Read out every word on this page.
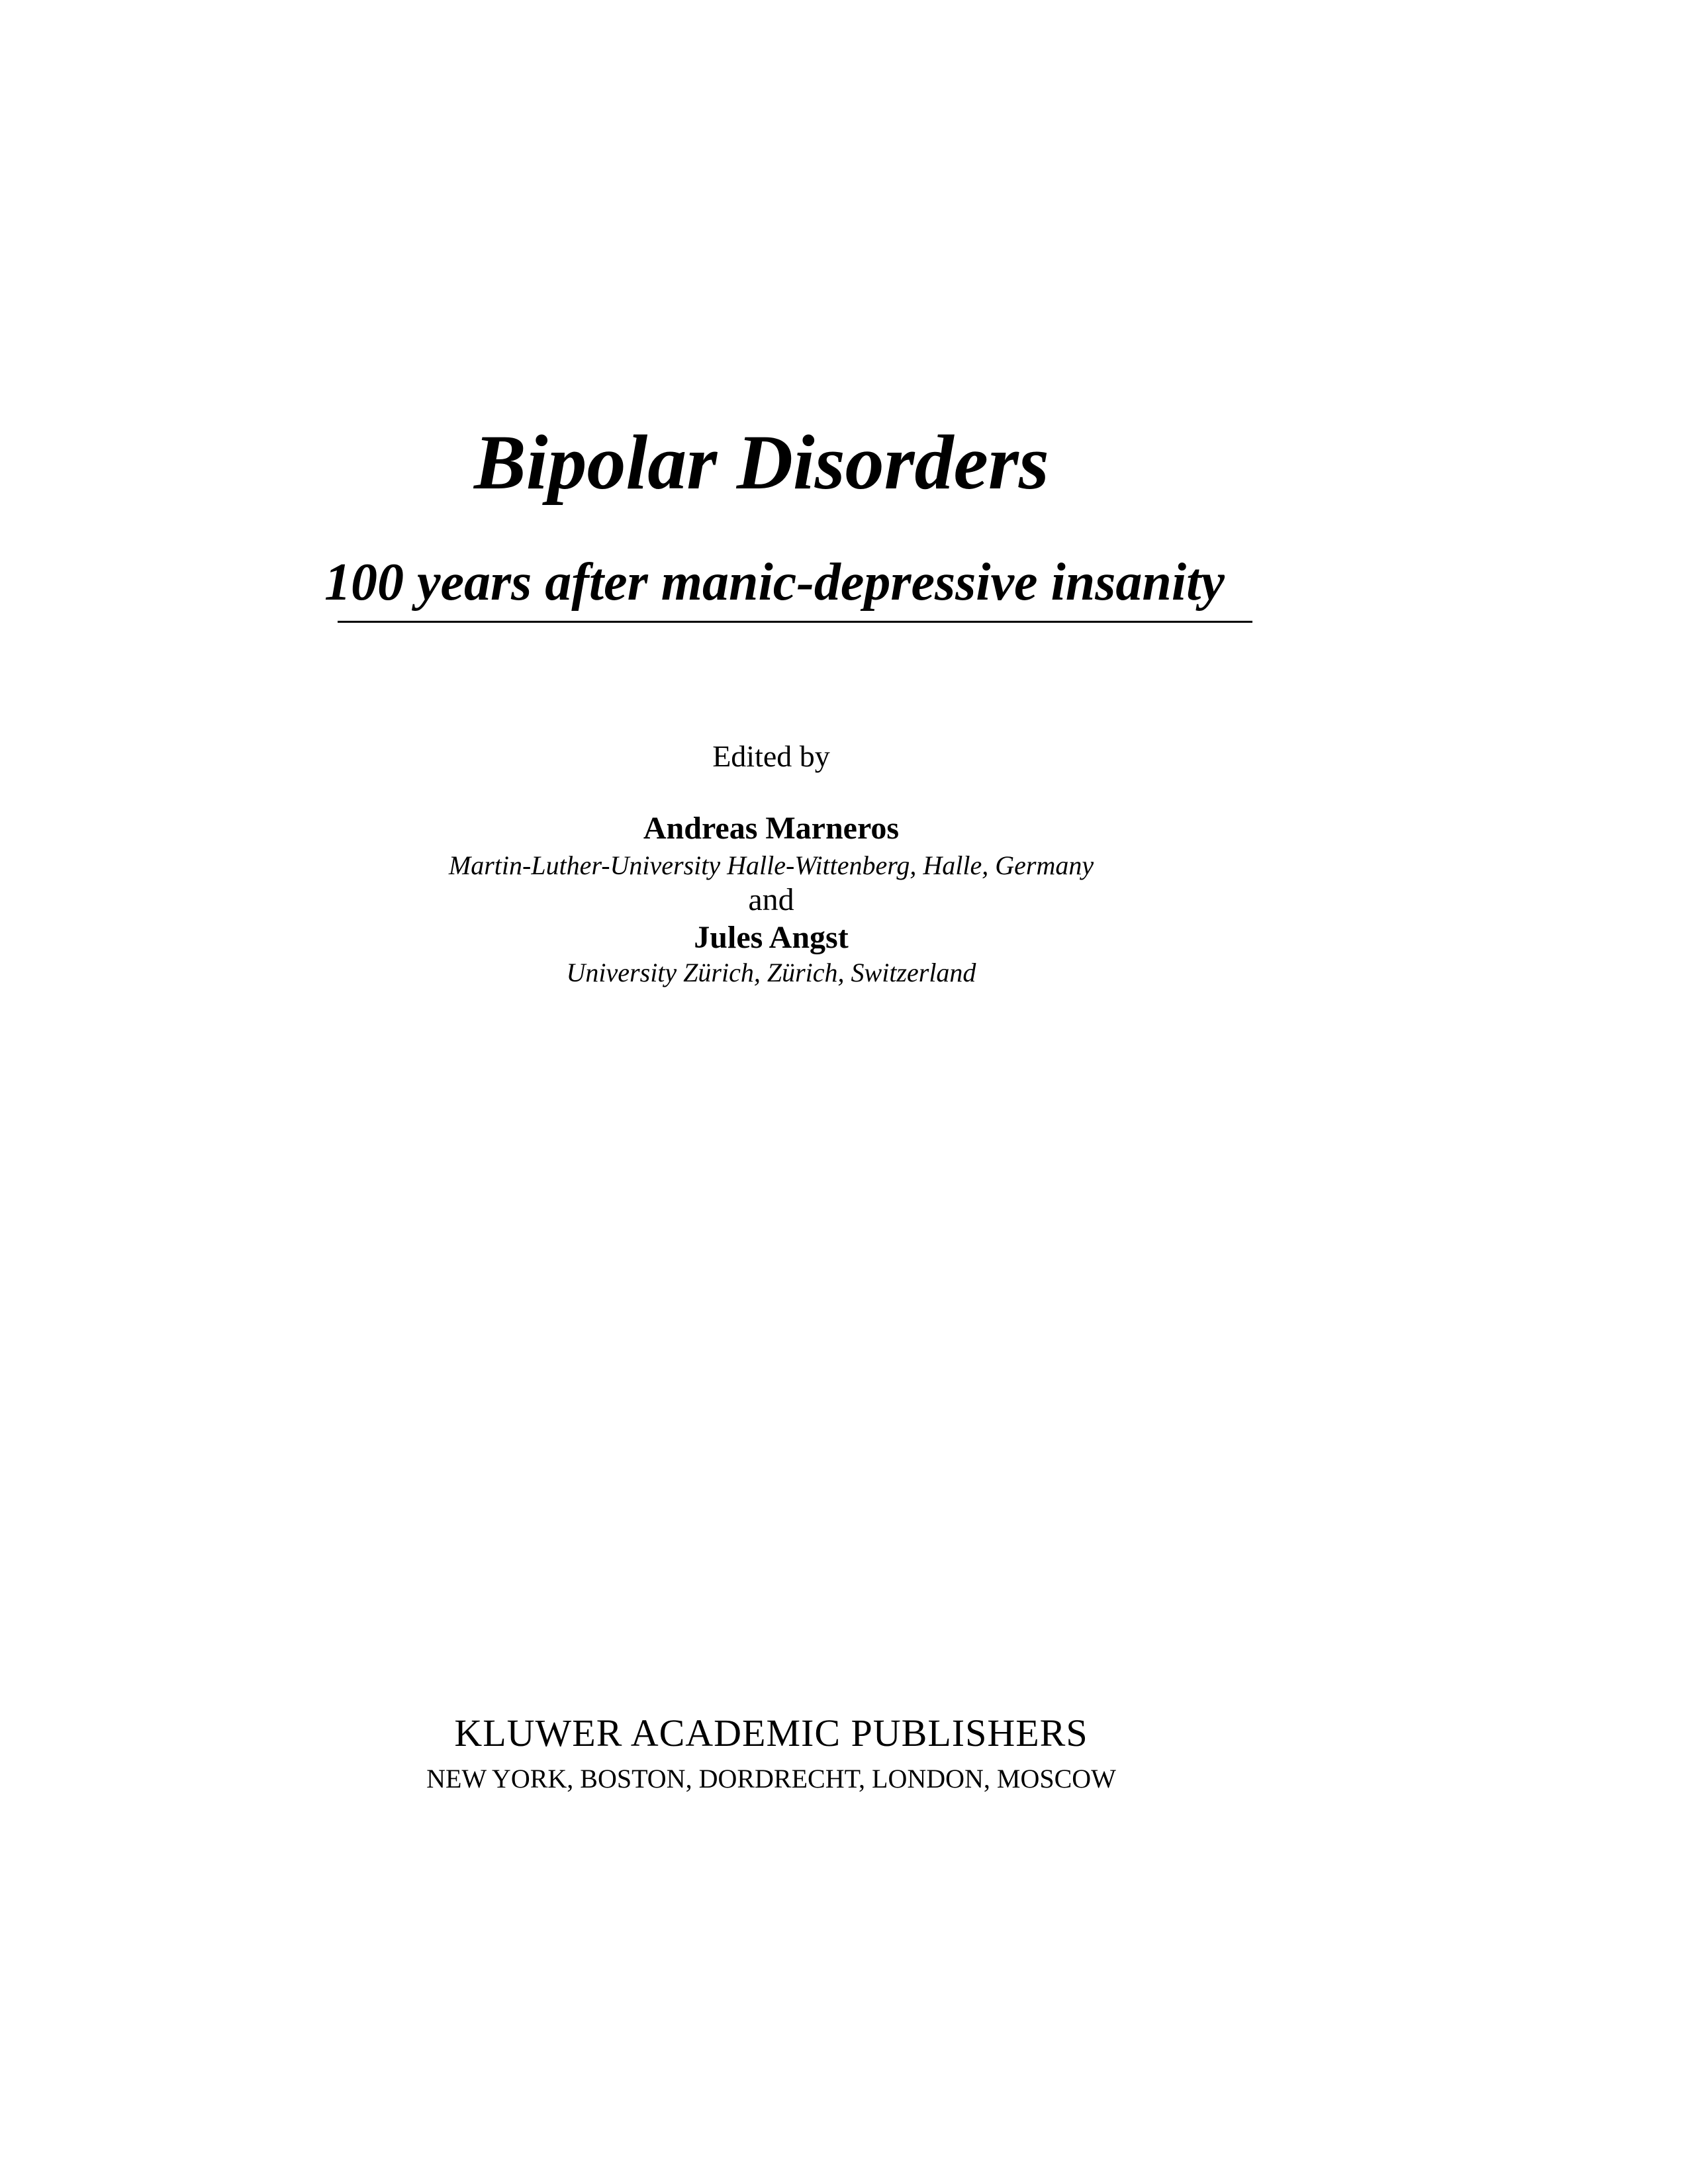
Bipolar Disorders
100 years after manic-depressive insanity

Edited by

Andreas Marneros

Martin-Luther-University Halle-Wittenberg, Halle, Germany

and

Jules Angst

University Zürich, Zürich, Switzerland

KLUWER ACADEMIC PUBLISHERS

NEW YORK, BOSTON, DORDRECHT, LONDON, MOSCOW
